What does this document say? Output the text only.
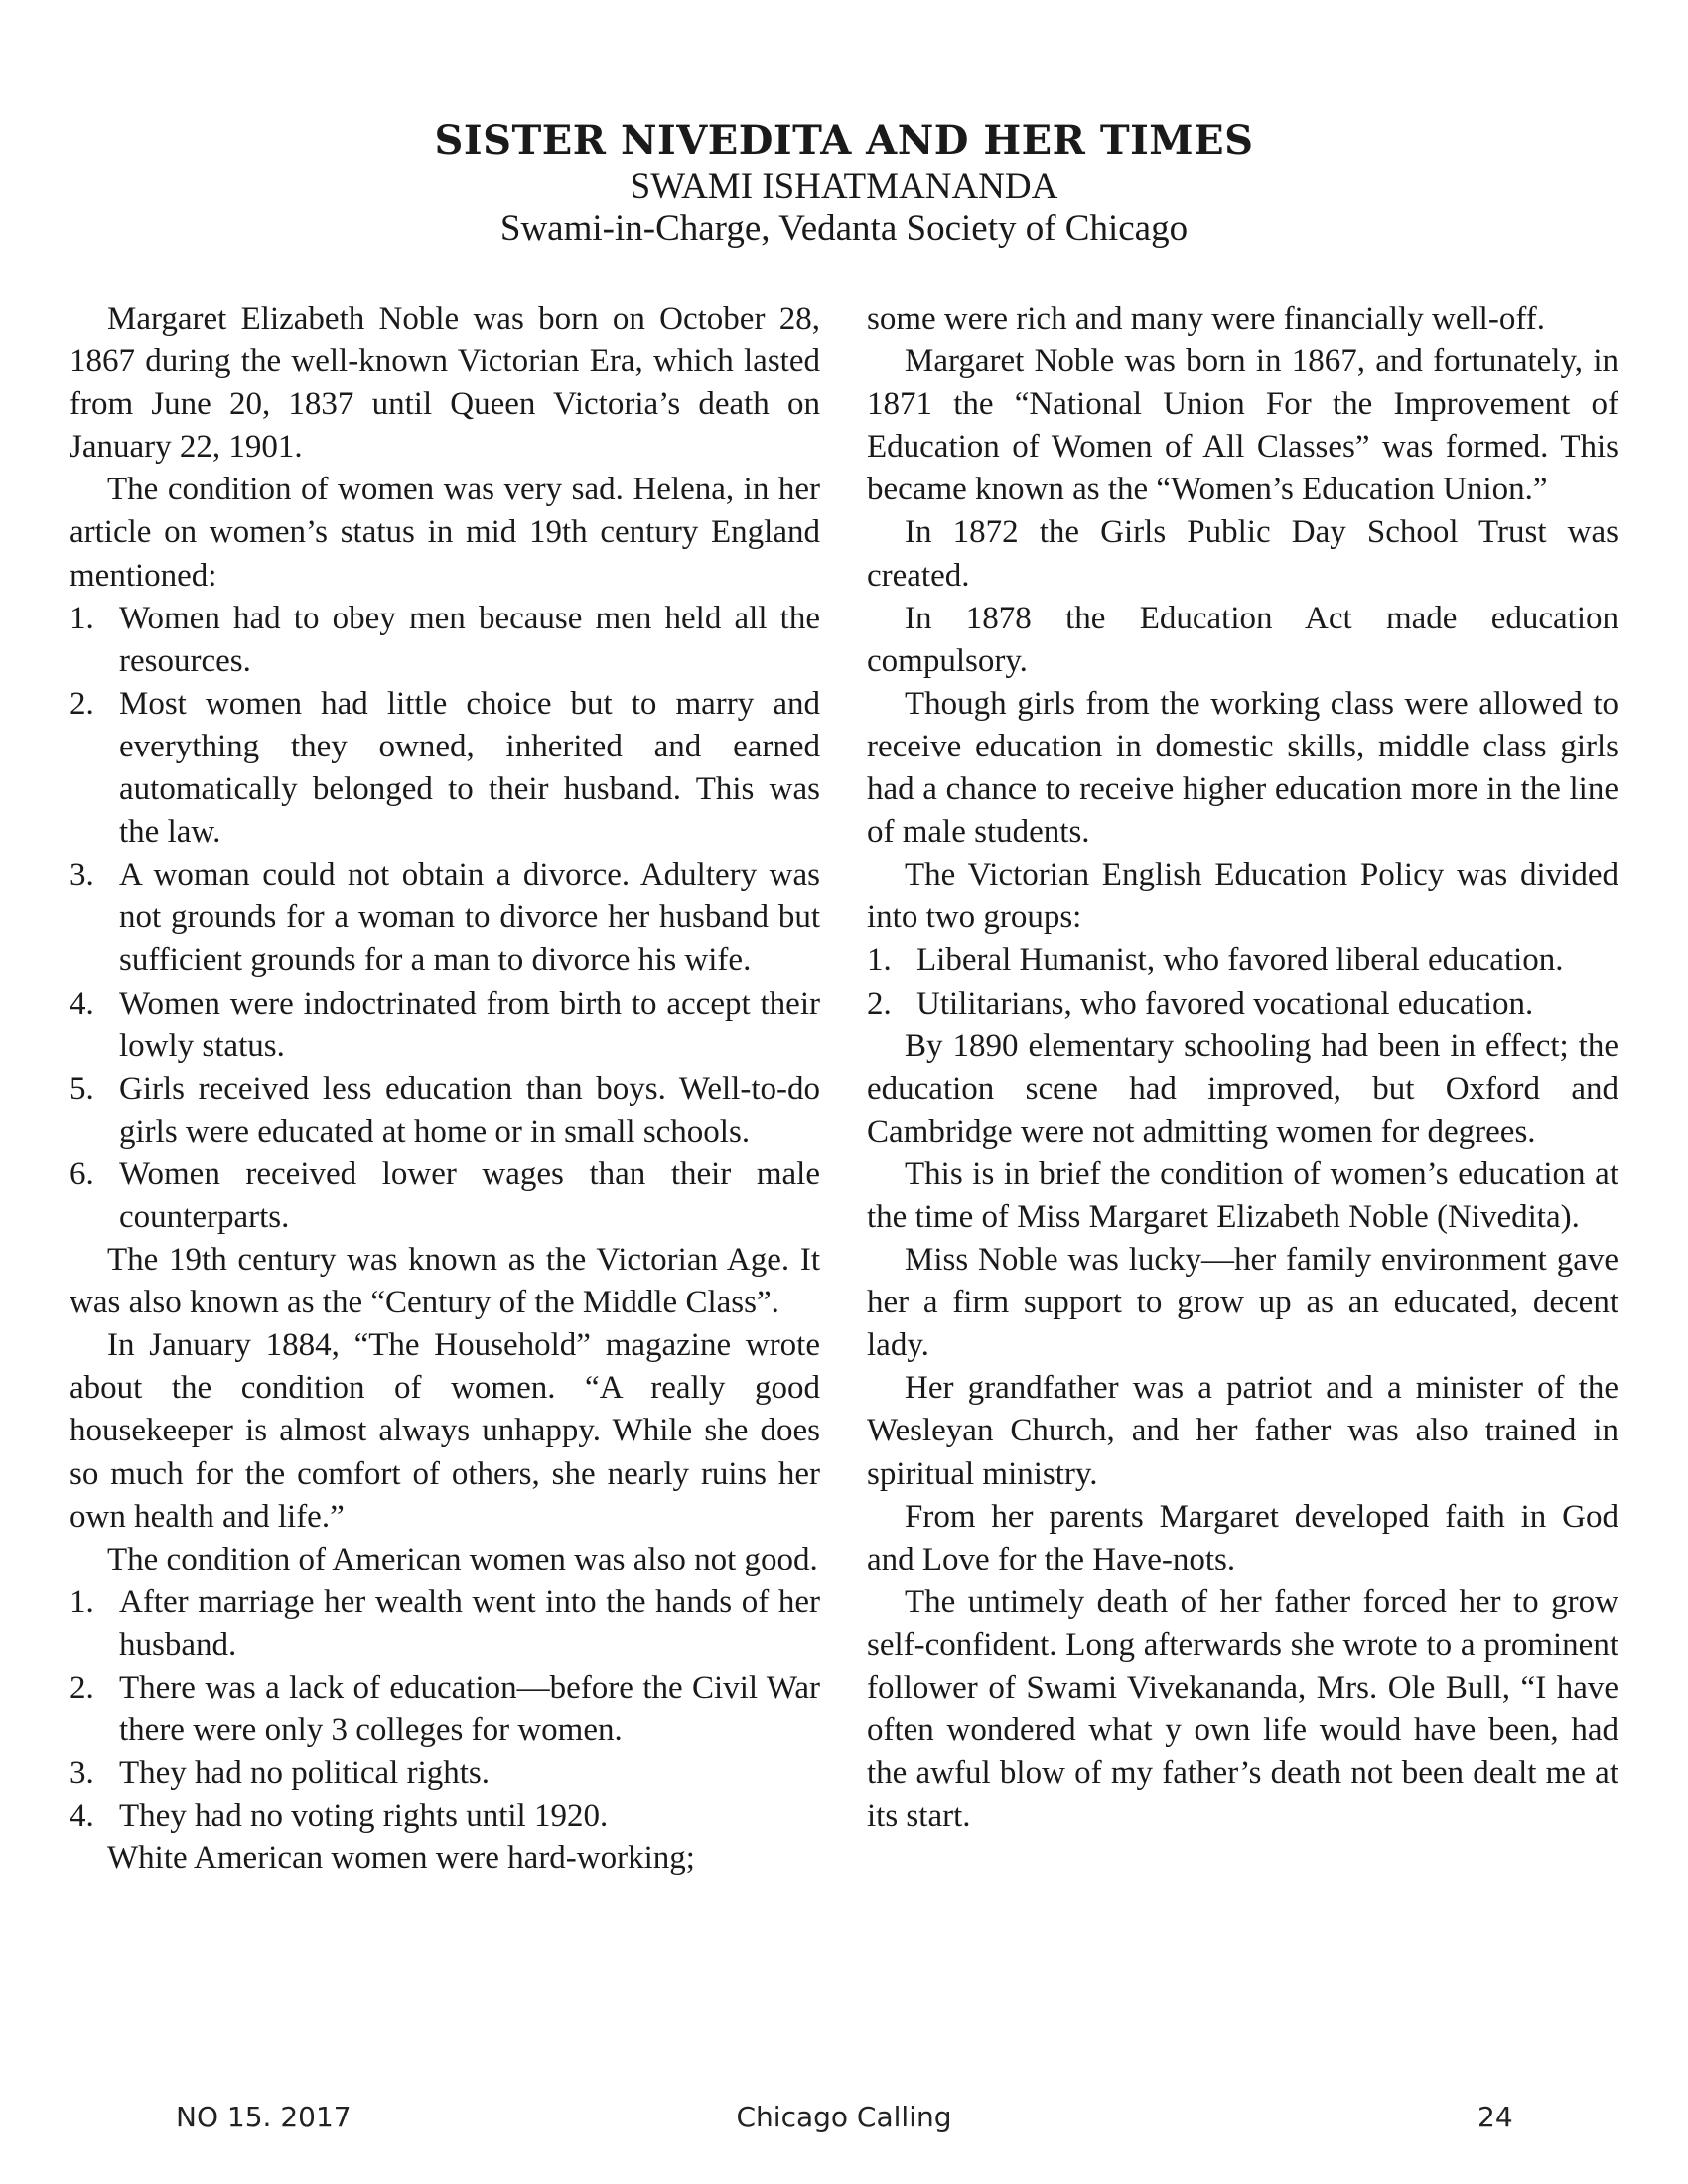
SISTER NIVEDITA AND HER TIMES

SWAMI ISHATMANANDA

Swami-in-Charge, Vedanta Society of Chicago

Margaret Elizabeth Noble was born on October 28, 1867 during the well-known Victorian Era, which lasted from June 20, 1837 until Queen Victoria’s death on January 22, 1901.

The condition of women was very sad. Helena, in her article on women’s status in mid 19th century England mentioned:

1. Women had to obey men because men held all the resources.
2. Most women had little choice but to marry and everything they owned, inherited and earned automatically belonged to their husband. This was the law.
3. A woman could not obtain a divorce. Adultery was not grounds for a woman to divorce her husband but sufficient grounds for a man to divorce his wife.
4. Women were indoctrinated from birth to accept their lowly status.
5. Girls received less education than boys. Well-to-do girls were educated at home or in small schools.
6. Women received lower wages than their male counterparts.

The 19th century was known as the Victorian Age. It was also known as the “Century of the Middle Class”.

In January 1884, “The Household” magazine wrote about the condition of women. “A really good housekeeper is almost always unhappy. While she does so much for the comfort of others, she nearly ruins her own health and life.”

The condition of American women was also not good.

1. After marriage her wealth went into the hands of her husband.
2. There was a lack of education—before the Civil War there were only 3 colleges for women.
3. They had no political rights.
4. They had no voting rights until 1920.

White American women were hard-working;

some were rich and many were financially well-off.

Margaret Noble was born in 1867, and fortunately, in 1871 the “National Union For the Improvement of Education of Women of All Classes” was formed. This became known as the “Women’s Education Union.”

In 1872 the Girls Public Day School Trust was created.

In 1878 the Education Act made education compulsory.

Though girls from the working class were allowed to receive education in domestic skills, middle class girls had a chance to receive higher education more in the line of male students.

The Victorian English Education Policy was divided into two groups:

1. Liberal Humanist, who favored liberal education.
2. Utilitarians, who favored vocational education.

By 1890 elementary schooling had been in effect; the education scene had improved, but Oxford and Cambridge were not admitting women for degrees.

This is in brief the condition of women’s education at the time of Miss Margaret Elizabeth Noble (Nivedita).

Miss Noble was lucky—her family environment gave her a firm support to grow up as an educated, decent lady.

Her grandfather was a patriot and a minister of the Wesleyan Church, and her father was also trained in spiritual ministry.

From her parents Margaret developed faith in God and Love for the Have-nots.

The untimely death of her father forced her to grow self-confident. Long afterwards she wrote to a prominent follower of Swami Vivekananda, Mrs. Ole Bull, “I have often wondered what y own life would have been, had the awful blow of my father’s death not been dealt me at its start.

NO 15. 2017	Chicago Calling	24
